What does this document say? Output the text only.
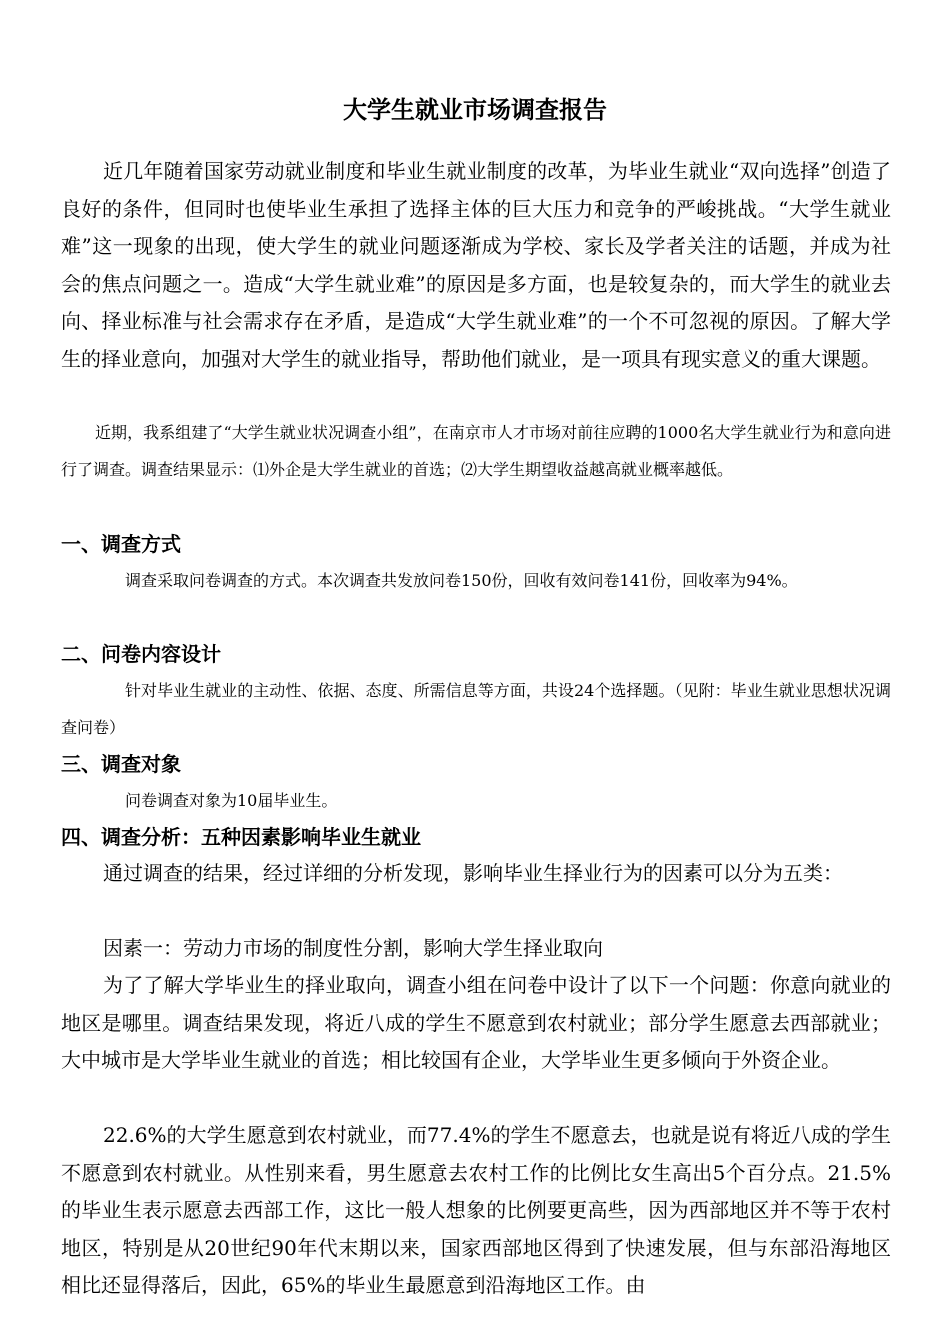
大学生就业市场调查报告

近几年随着国家劳动就业制度和毕业生就业制度的改革，为毕业生就业“双向选择”创造了良好的条件，但同时也使毕业生承担了选择主体的巨大压力和竞争的严峻挑战。“大学生就业难”这一现象的出现，使大学生的就业问题逐渐成为学校、家长及学者关注的话题，并成为社会的焦点问题之一。造成“大学生就业难”的原因是多方面，也是较复杂的，而大学生的就业去向、择业标准与社会需求存在矛盾，是造成“大学生就业难”的一个不可忽视的原因。了解大学生的择业意向，加强对大学生的就业指导，帮助他们就业，是一项具有现实意义的重大课题。

近期，我系组建了“大学生就业状况调查小组”，在南京市人才市场对前往应聘的1000名大学生就业行为和意向进行了调查。调查结果显示：⑴外企是大学生就业的首选；⑵大学生期望收益越高就业概率越低。

一、调查方式

调查采取问卷调查的方式。本次调查共发放问卷150份，回收有效问卷141份，回收率为94%。

二、问卷内容设计

针对毕业生就业的主动性、依据、态度、所需信息等方面，共设24个选择题。（见附：毕业生就业思想状况调查问卷）

三、调查对象

问卷调查对象为10届毕业生。

四、调查分析：五种因素影响毕业生就业

通过调查的结果，经过详细的分析发现，影响毕业生择业行为的因素可以分为五类：

因素一：劳动力市场的制度性分割，影响大学生择业取向

为了了解大学毕业生的择业取向，调查小组在问卷中设计了以下一个问题：你意向就业的地区是哪里。调查结果发现，将近八成的学生不愿意到农村就业；部分学生愿意去西部就业；大中城市是大学毕业生就业的首选；相比较国有企业，大学毕业生更多倾向于外资企业。

22.6%的大学生愿意到农村就业，而77.4%的学生不愿意去，也就是说有将近八成的学生不愿意到农村就业。从性别来看，男生愿意去农村工作的比例比女生高出5个百分点。21.5%的毕业生表示愿意去西部工作，这比一般人想象的比例要更高些，因为西部地区并不等于农村地区，特别是从20世纪90年代末期以来，国家西部地区得到了快速发展，但与东部沿海地区相比还显得落后，因此，65%的毕业生最愿意到沿海地区工作。由
